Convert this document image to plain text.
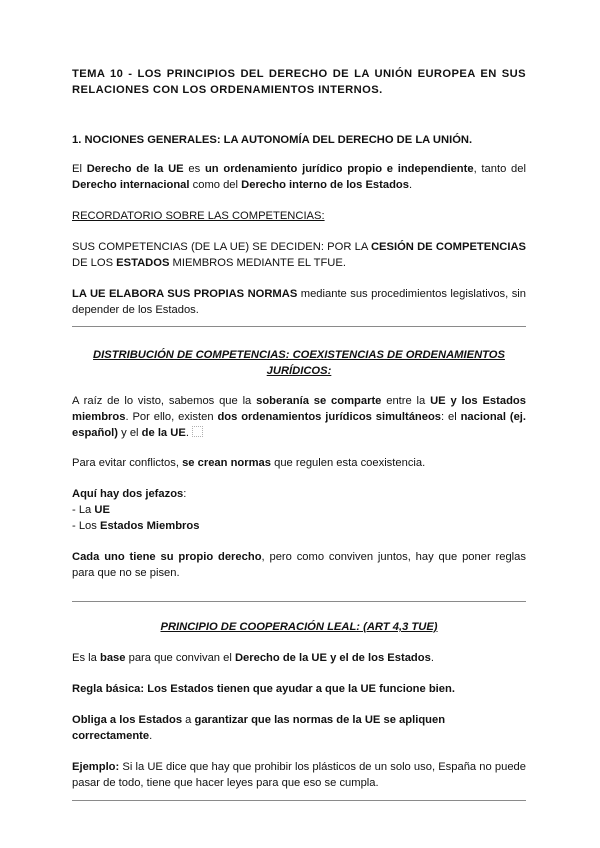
TEMA 10 - LOS PRINCIPIOS DEL DERECHO DE LA UNIÓN EUROPEA EN SUS RELACIONES CON LOS ORDENAMIENTOS INTERNOS.

1. NOCIONES GENERALES: LA AUTONOMÍA DEL DERECHO DE LA UNIÓN.

El Derecho de la UE es un ordenamiento jurídico propio e independiente, tanto del Derecho internacional como del Derecho interno de los Estados.

RECORDATORIO SOBRE LAS COMPETENCIAS:

SUS COMPETENCIAS (DE LA UE) SE DECIDEN: POR LA CESIÓN DE COMPETENCIAS DE LOS ESTADOS MIEMBROS MEDIANTE EL TFUE.

LA UE ELABORA SUS PROPIAS NORMAS mediante sus procedimientos legislativos, sin depender de los Estados.

DISTRIBUCIÓN DE COMPETENCIAS: COEXISTENCIAS DE ORDENAMIENTOS JURÍDICOS:

A raíz de lo visto, sabemos que la soberanía se comparte entre la UE y los Estados miembros. Por ello, existen dos ordenamientos jurídicos simultáneos: el nacional (ej. español) y el de la UE.

Para evitar conflictos, se crean normas que regulen esta coexistencia.

Aquí hay dos jefazos:

- La UE

- Los Estados Miembros

Cada uno tiene su propio derecho, pero como conviven juntos, hay que poner reglas para que no se pisen.

PRINCIPIO DE COOPERACIÓN LEAL: (ART 4,3 TUE)

Es la base para que convivan el Derecho de la UE y el de los Estados.

Regla básica: Los Estados tienen que ayudar a que la UE funcione bien.

Obliga a los Estados a garantizar que las normas de la UE se apliquen correctamente.

Ejemplo: Si la UE dice que hay que prohibir los plásticos de un solo uso, España no puede pasar de todo, tiene que hacer leyes para que eso se cumpla.
